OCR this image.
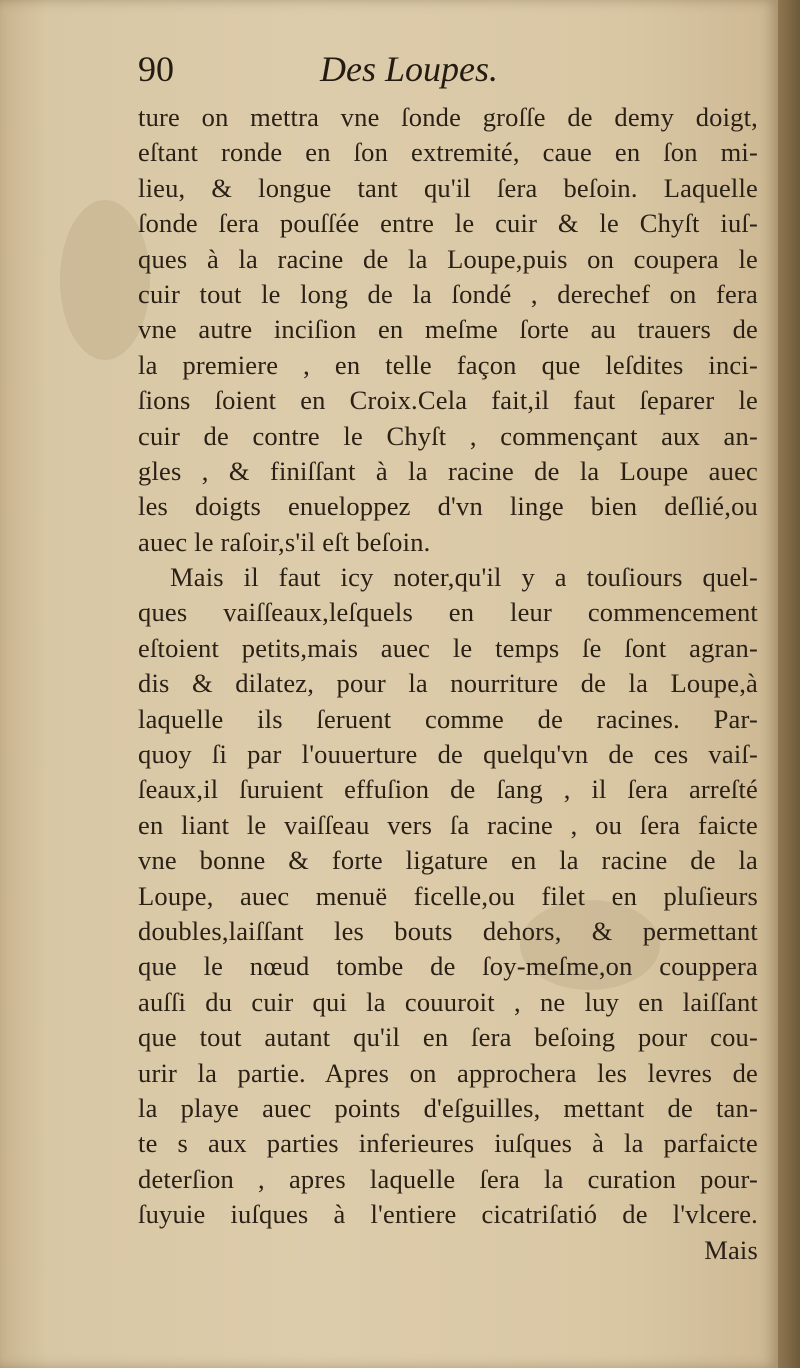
90	Des Loupes.
ture on mettra vne ſonde groſſe de demy doigt,
eſtant ronde en ſon extremité, caue en ſon mi-
lieu, & longue tant qu'il ſera beſoin. Laquelle
ſonde ſera pouſſée entre le cuir & le Chyſt iuſ-
ques à la racine de la Loupe,puis on coupera le
cuir tout le long de la ſondé , derechef on fera
vne autre inciſion en meſme ſorte au trauers de
la premiere , en telle façon que leſdites inci-
ſions ſoient en Croix.Cela fait,il faut ſeparer le
cuir de contre le Chyſt , commençant aux an-
gles , & finiſſant à la racine de la Loupe auec
les doigts enueloppez d'vn linge bien deſlié,ou
auec le raſoir,s'il eſt beſoin.
Mais il faut icy noter,qu'il y a touſiours quel-
ques vaiſſeaux,leſquels en leur commencement
eſtoient petits,mais auec le temps ſe ſont agran-
dis & dilatez, pour la nourriture de la Loupe,à
laquelle ils ſeruent comme de racines. Par-
quoy ſi par l'ouuerture de quelqu'vn de ces vaiſ-
ſeaux,il ſuruient effuſion de ſang , il ſera arreſté
en liant le vaiſſeau vers ſa racine , ou ſera faicte
vne bonne & forte ligature en la racine de la
Loupe, auec menuë ficelle,ou filet en pluſieurs
doubles,laiſſant les bouts dehors, & permettant
que le nœud tombe de ſoy-meſme,on couppera
auſſi du cuir qui la couuroit , ne luy en laiſſant
que tout autant qu'il en ſera beſoing pour cou-
urir la partie. Apres on approchera les levres de
la playe auec points d'eſguilles, mettant de tan-
te s aux parties inferieures iuſques à la parfaicte
deterſion , apres laquelle ſera la curation pour-
ſuyuie iuſques à l'entiere cicatriſatió de l'vlcere.
Mais
